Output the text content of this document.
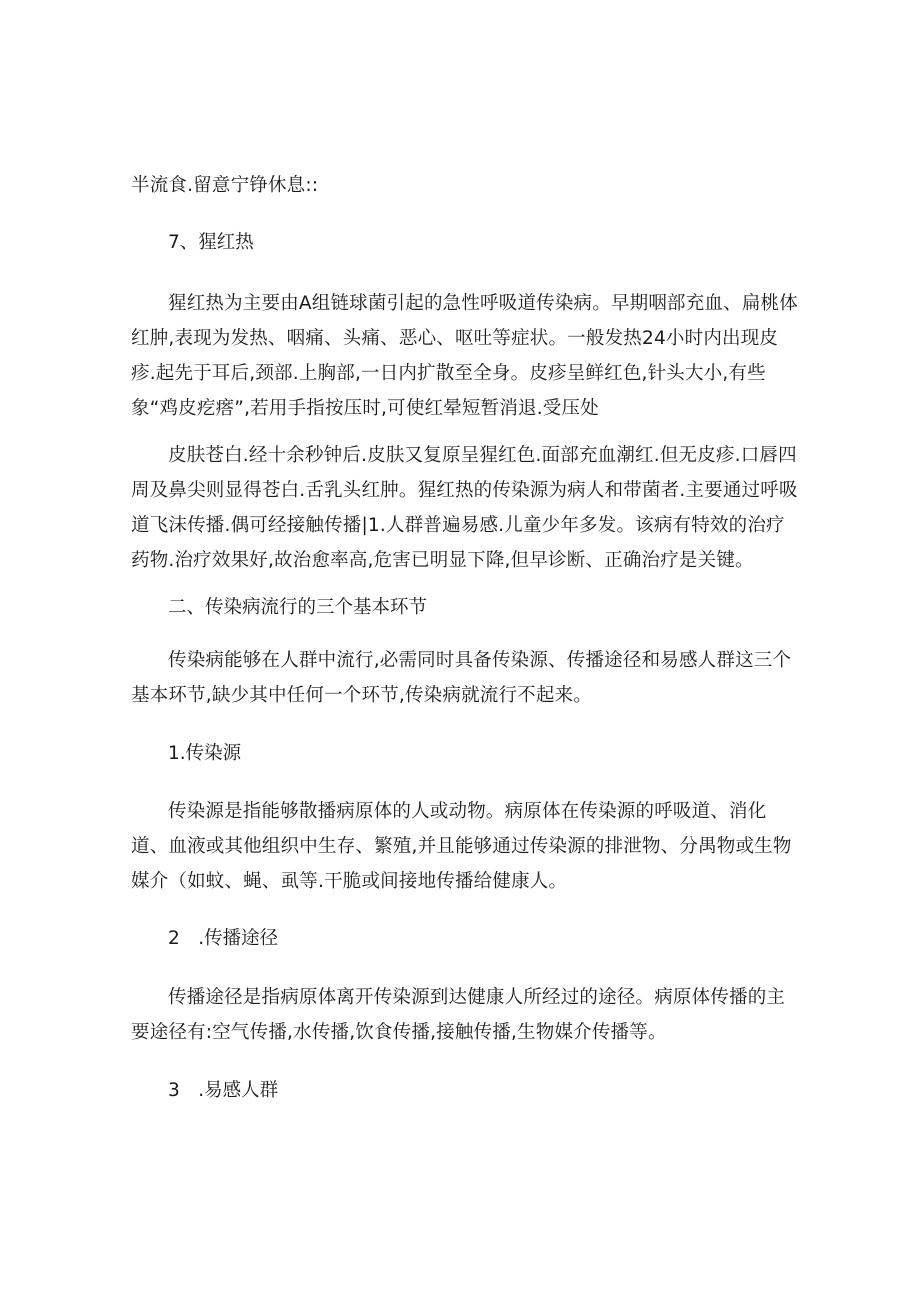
半流食.留意宁铮休息::

7、猩红热

猩红热为主要由A组链球菌引起的急性呼吸道传染病。早期咽部充血、扁桃体红肿,表现为发热、咽痛、头痛、恶心、呕吐等症状。一般发热24小时内出现皮疹.起先于耳后,颈部.上胸部,一日内扩散至全身。皮疹呈鲜红色,针头大小,有些象“鸡皮疙瘩”,若用手指按压时,可使红晕短暂消退.受压处

皮肤苍白.经十余秒钟后.皮肤又复原呈猩红色.面部充血潮红.但无皮疹.口唇四周及鼻尖则显得苍白.舌乳头红肿。猩红热的传染源为病人和带菌者.主要通过呼吸道飞沫传播.偶可经接触传播|1.人群普遍易感.儿童少年多发。该病有特效的治疗药物.治疗效果好,故治愈率高,危害已明显下降,但早诊断、正确治疗是关键。

二、传染病流行的三个基本环节

传染病能够在人群中流行,必需同时具备传染源、传播途径和易感人群这三个基本环节,缺少其中任何一个环节,传染病就流行不起来。

1.传染源

传染源是指能够散播病原体的人或动物。病原体在传染源的呼吸道、消化道、血液或其他组织中生存、繁殖,并且能够通过传染源的排泄物、分禺物或生物媒介（如蚊、蝇、虱等.干脆或间接地传播给健康人。

2 .传播途径

传播途径是指病原体离开传染源到达健康人所经过的途径。病原体传播的主要途径有:空气传播,水传播,饮食传播,接触传播,生物媒介传播等。

3 .易感人群
